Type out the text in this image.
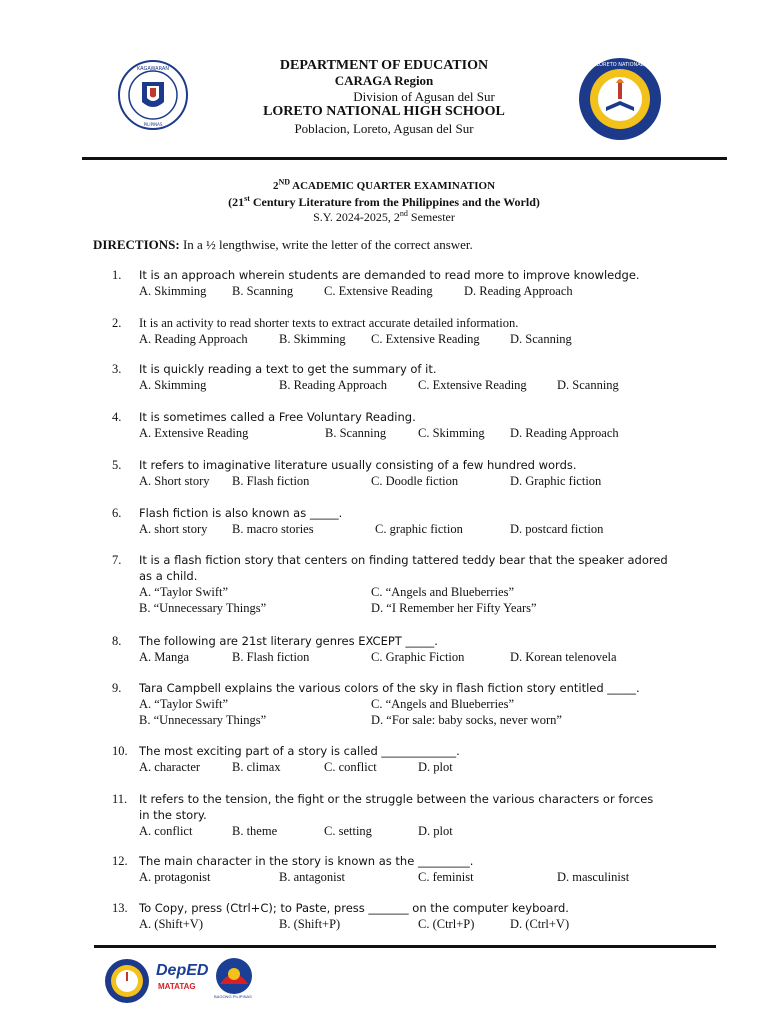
KAGAWARAN
PILIPINAS
LORETO NATIONAL
DEPARTMENT OF EDUCATION
CARAGA Region
Division of Agusan del Sur
LORETO NATIONAL HIGH SCHOOL
Poblacion, Loreto, Agusan del Sur
2ND ACADEMIC QUARTER EXAMINATION
(21st Century Literature from the Philippines and the World)
S.Y. 2024-2025, 2nd Semester
DIRECTIONS: In a ½ lengthwise, write the letter of the correct answer.
1.	It is an approach wherein students are demanded to read more to improve knowledge.
A. Skimming B. Scanning C. Extensive Reading	D. Reading Approach
2.	It is an activity to read shorter texts to extract accurate detailed information.
A. Reading Approach	B. Skimming C. Extensive Reading D. Scanning
3.	It is quickly reading a text to get the summary of it.
A. Skimming	B. Reading Approach C. Extensive Reading D. Scanning
4.	It is sometimes called a Free Voluntary Reading.
A. Extensive Reading	B. Scanning	C. Skimming D. Reading Approach
5.	It refers to imaginative literature usually consisting of a few hundred words.
A. Short story B. Flash fiction	C. Doodle fiction	D. Graphic fiction
6.	Flash fiction is also known as _____.
A. short story B. macro stories	C. graphic fiction	D. postcard fiction
7.	It is a flash fiction story that centers on finding tattered teddy bear that the speaker adored
as a child.
A. “Taylor Swift”	C. “Angels and Blueberries”
B. “Unnecessary Things”	D. “I Remember her Fifty Years”
8.	The following are 21st literary genres EXCEPT _____.
A. Manga	B. Flash fiction	C. Graphic Fiction	D. Korean telenovela
9.	Tara Campbell explains the various colors of the sky in flash fiction story entitled _____.
A. “Taylor Swift”	C. “Angels and Blueberries”
B. “Unnecessary Things”	D. “For sale: baby socks, never worn”
10. The most exciting part of a story is called _____________.
A. character	B. climax	C. conflict	D. plot
11.	It refers to the tension, the fight or the struggle between the various characters or forces
in the story.
A. conflict	B. theme	C. setting	D. plot
12. The main character in the story is known as the _________.
A. protagonist	B. antagonist	C. feminist	D. masculinist
13. To Copy, press (Ctrl+C); to Paste, press _______ on the computer keyboard.
A. (Shift+V)	B. (Shift+P)	C. (Ctrl+P)	D. (Ctrl+V)
DepED
MATATAG
BAGONG PILIPINAS
